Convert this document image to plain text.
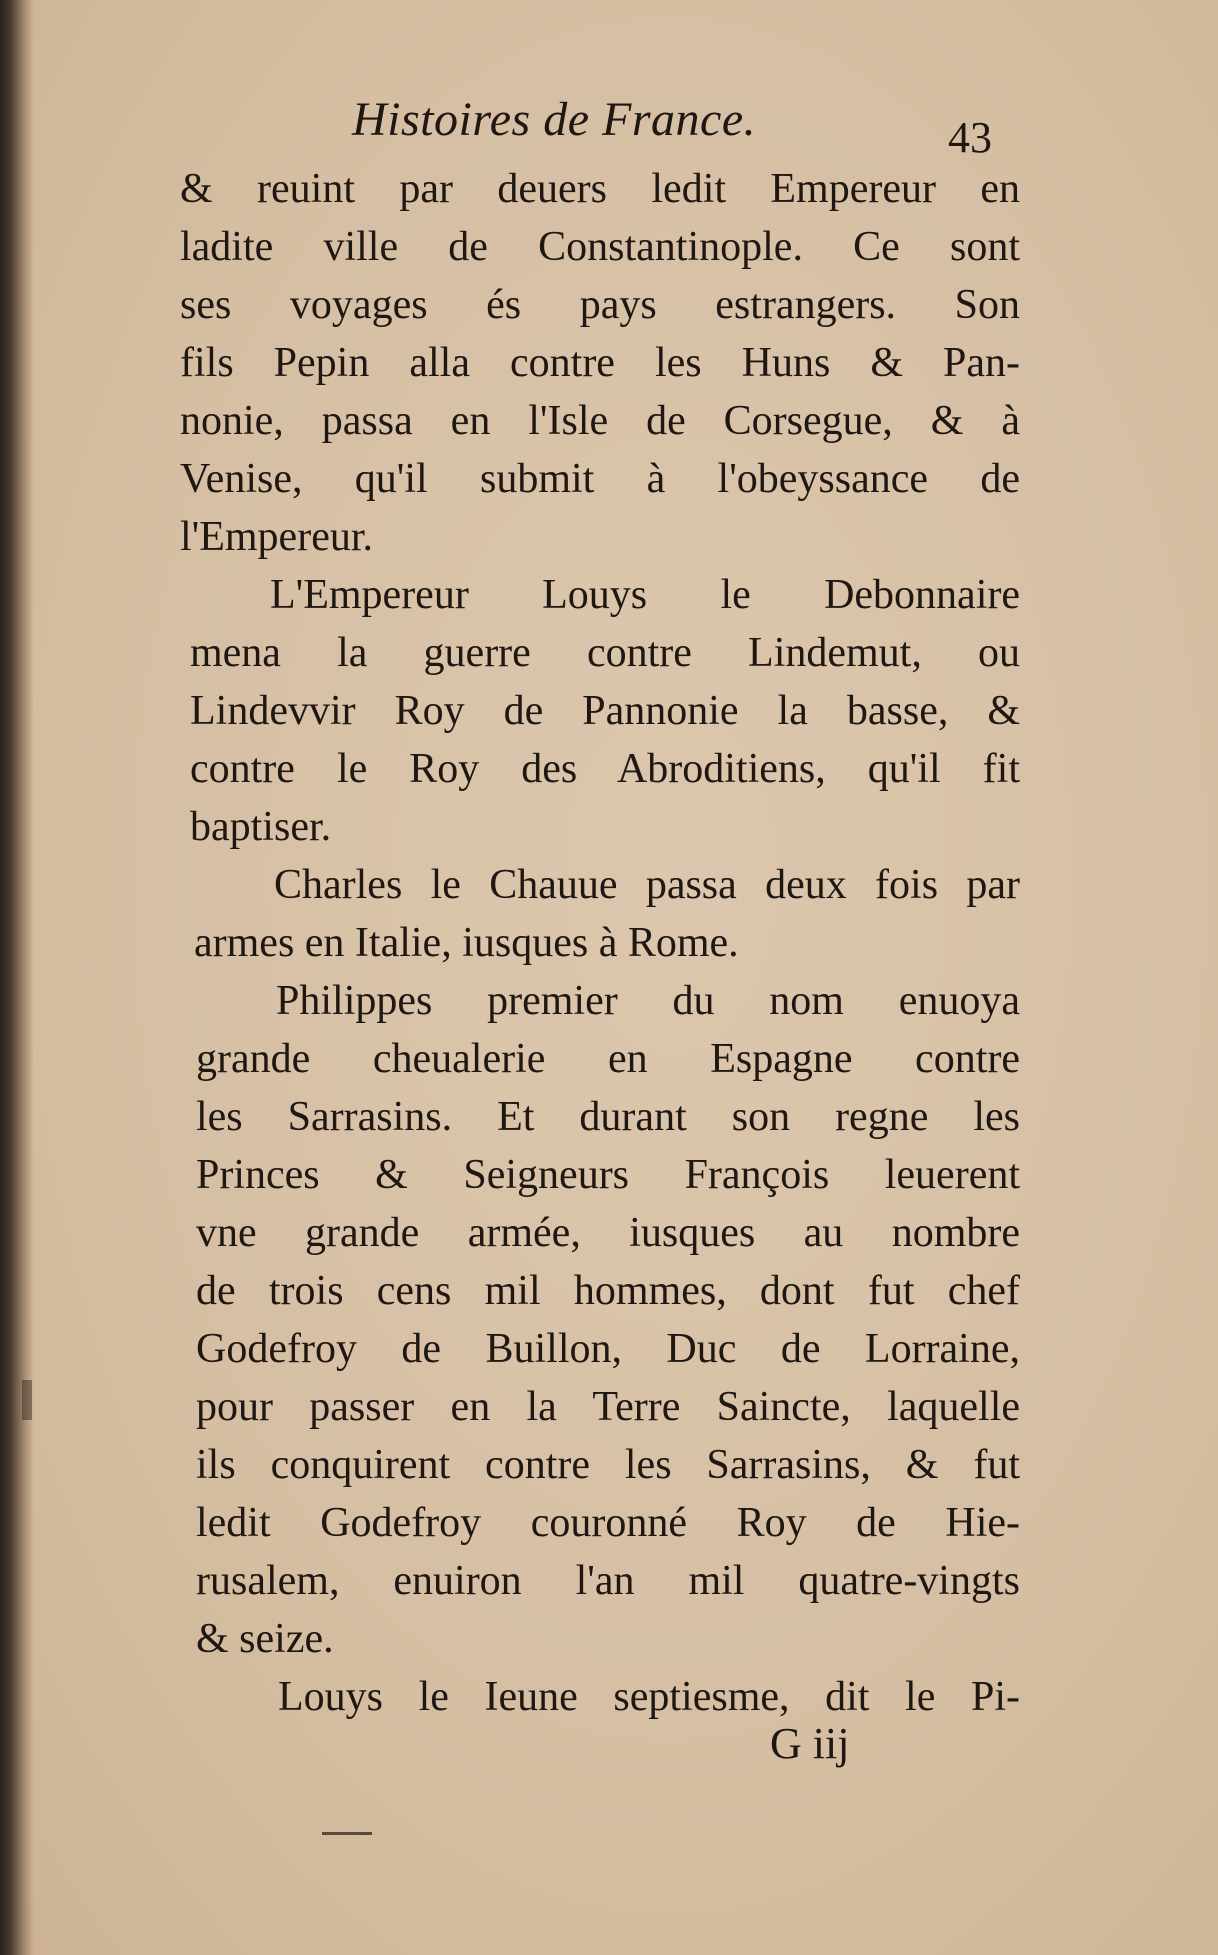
Histoires de France.	43
& reuint par deuers ledit Empereur en
ladite ville de Constantinople. Ce sont
ses voyages és pays estrangers. Son
fils Pepin alla contre les Huns & Pan-
nonie, passa en l'Isle de Corsegue, & à
Venise, qu'il submit à l'obeyssance de
l'Empereur.
L'Empereur Louys le Debonnaire
mena la guerre contre Lindemut, ou
Lindevvir Roy de Pannonie la basse, &
contre le Roy des Abroditiens, qu'il fit
baptiser.
Charles le Chauue passa deux fois par
armes en Italie, iusques à Rome.
Philippes premier du nom enuoya
grande cheualerie en Espagne contre
les Sarrasins. Et durant son regne les
Princes & Seigneurs François leuerent
vne grande armée, iusques au nombre
de trois cens mil hommes, dont fut chef
Godefroy de Buillon, Duc de Lorraine,
pour passer en la Terre Saincte, laquelle
ils conquirent contre les Sarrasins, & fut
ledit Godefroy couronné Roy de Hie-
rusalem, enuiron l'an mil quatre-vingts
& seize.
Louys le Ieune septiesme, dit le Pi-
G iij
